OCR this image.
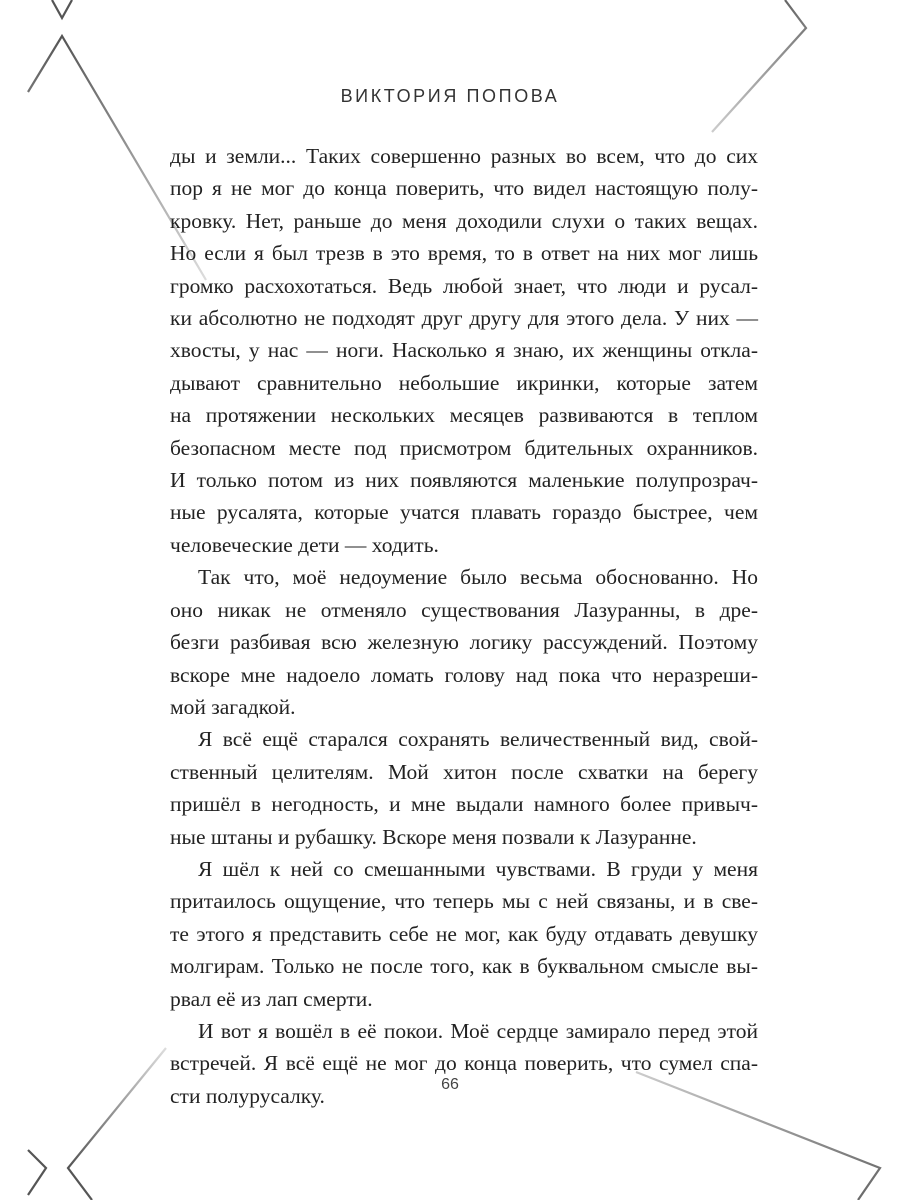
ВИКТОРИЯ ПОПОВА
ды и земли... Таких совершенно разных во всем, что до сих
пор я не мог до конца поверить, что видел настоящую полу-
кровку. Нет, раньше до меня доходили слухи о таких вещах.
Но если я был трезв в это время, то в ответ на них мог лишь
громко расхохотаться. Ведь любой знает, что люди и русал-
ки абсолютно не подходят друг другу для этого дела. У них —
хвосты, у нас — ноги. Насколько я знаю, их женщины откла-
дывают сравнительно небольшие икринки, которые затем
на протяжении нескольких месяцев развиваются в теплом
безопасном месте под присмотром бдительных охранников.
И только потом из них появляются маленькие полупрозрач-
ные русалята, которые учатся плавать гораздо быстрее, чем
человеческие дети — ходить.
Так что, моё недоумение было весьма обоснованно. Но
оно никак не отменяло существования Лазуранны, в дре-
безги разбивая всю железную логику рассуждений. Поэтому
вскоре мне надоело ломать голову над пока что неразреши-
мой загадкой.
Я всё ещё старался сохранять величественный вид, свой-
ственный целителям. Мой хитон после схватки на берегу
пришёл в негодность, и мне выдали намного более привыч-
ные штаны и рубашку. Вскоре меня позвали к Лазуранне.
Я шёл к ней со смешанными чувствами. В груди у меня
притаилось ощущение, что теперь мы с ней связаны, и в све-
те этого я представить себе не мог, как буду отдавать девушку
молгирам. Только не после того, как в буквальном смысле вы-
рвал её из лап смерти.
И вот я вошёл в её покои. Моё сердце замирало перед этой
встречей. Я всё ещё не мог до конца поверить, что сумел спа-
сти полурусалку.	66
